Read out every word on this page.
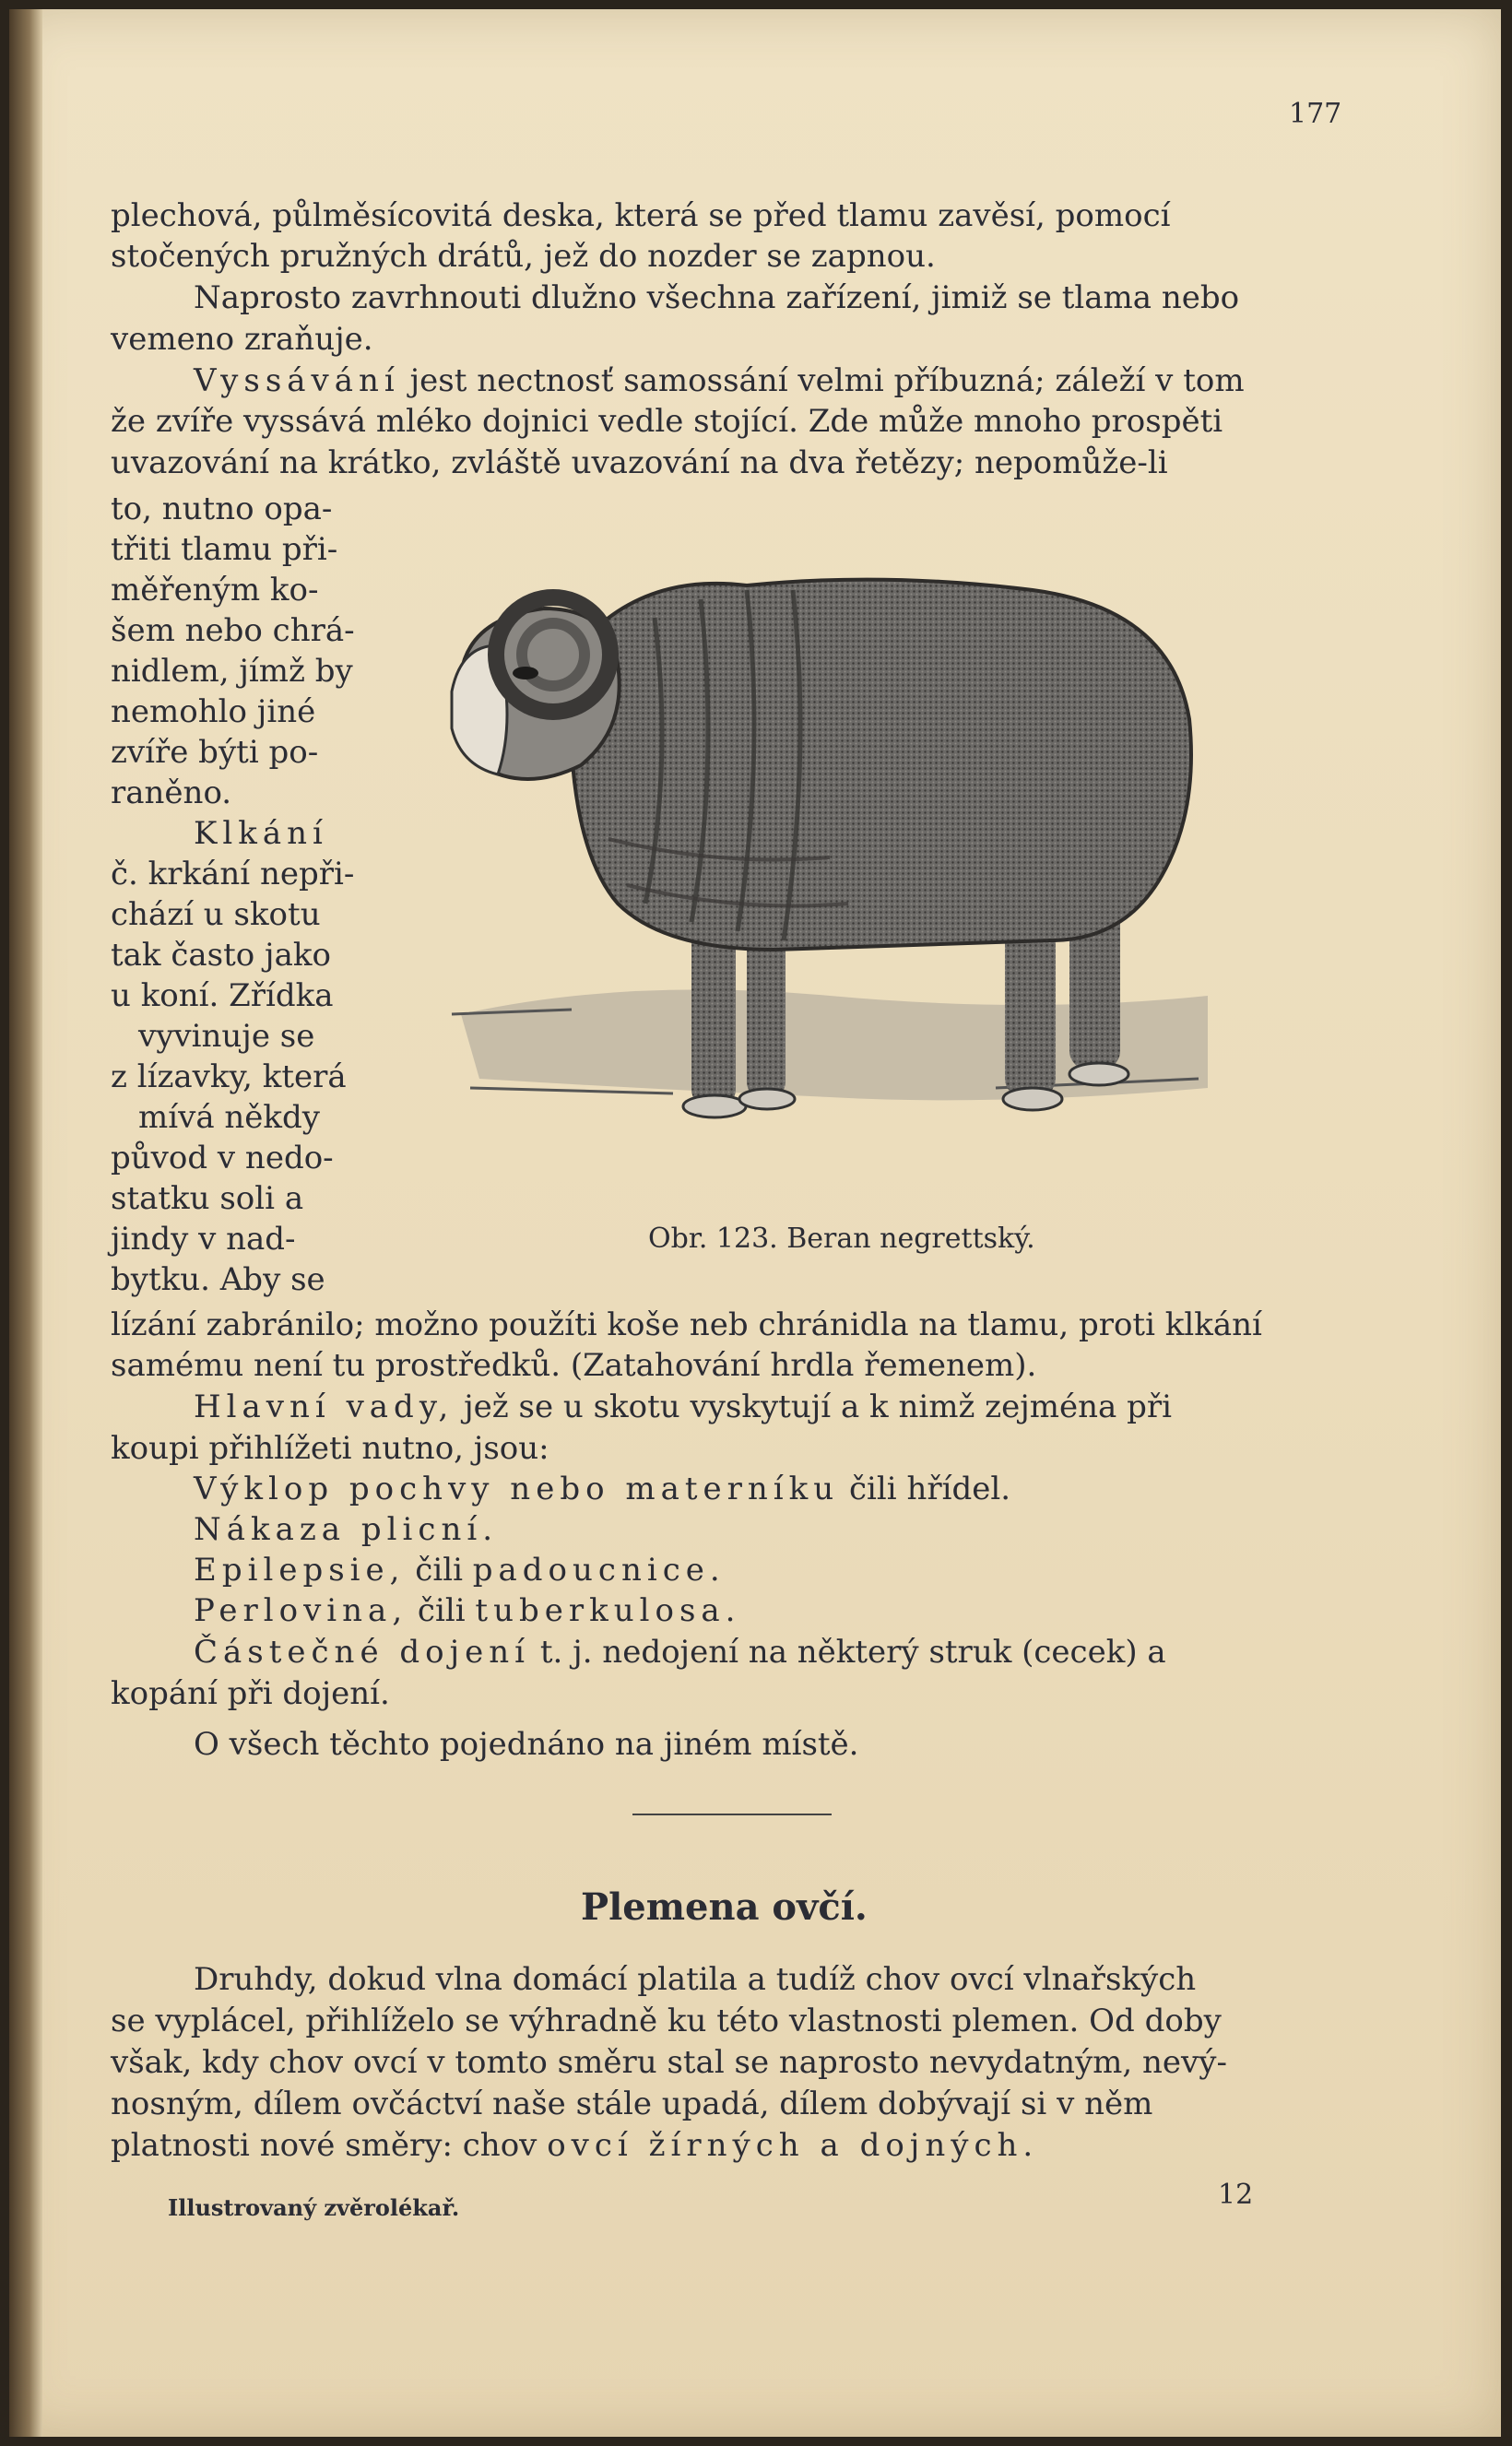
177
plechová, půlměsícovitá deska, která se před tlamu zavěsí, pomocí
stočených pružných drátů, jež do nozder se zapnou.
Naprosto zavrhnouti dlužno všechna zařízení, jimiž se tlama nebo
vemeno zraňuje.
Vyssávání jest nectnosť samossání velmi příbuzná; záleží v tom
že zvíře vyssává mléko dojnici vedle stojící. Zde může mnoho prospěti
uvazování na krátko, zvláště uvazování na dva řetězy; nepomůže-li
to, nutno opa-
třiti tlamu při-
měřeným ko-
šem nebo chrá-
nidlem, jímž by
nemohlo jiné
zvíře býti po-
raněno.
Klkání
č. krkání nepři-
chází u skotu
tak často jako
u koní. Zřídka
vyvinuje se
z lízavky, která
mívá někdy
původ v nedo-
statku soli a
jindy v nad-
bytku. Aby se
Obr. 123. Beran negrettský.
lízání zabránilo; možno použíti koše neb chránidla na tlamu, proti klkání
samému není tu prostředků. (Zatahování hrdla řemenem).
Hlavní vady, jež se u skotu vyskytují a k nimž zejména při
koupi přihlížeti nutno, jsou:
Výklop pochvy nebo materníku čili hřídel.
Nákaza plicní.
Epilepsie, čili padoucnice.
Perlovina, čili tuberkulosa.
Částečné dojení t. j. nedojení na některý struk (cecek) a
kopání při dojení.
O všech těchto pojednáno na jiném místě.
Plemena ovčí.
Druhdy, dokud vlna domácí platila a tudíž chov ovcí vlnařských
se vyplácel, přihlíželo se výhradně ku této vlastnosti plemen. Od doby
však, kdy chov ovcí v tomto směru stal se naprosto nevydatným, nevý-
nosným, dílem ovčáctví naše stále upadá, dílem dobývají si v něm
platnosti nové směry: chov ovcí žírných a dojných.
Illustrovaný zvěrolékař.	12
